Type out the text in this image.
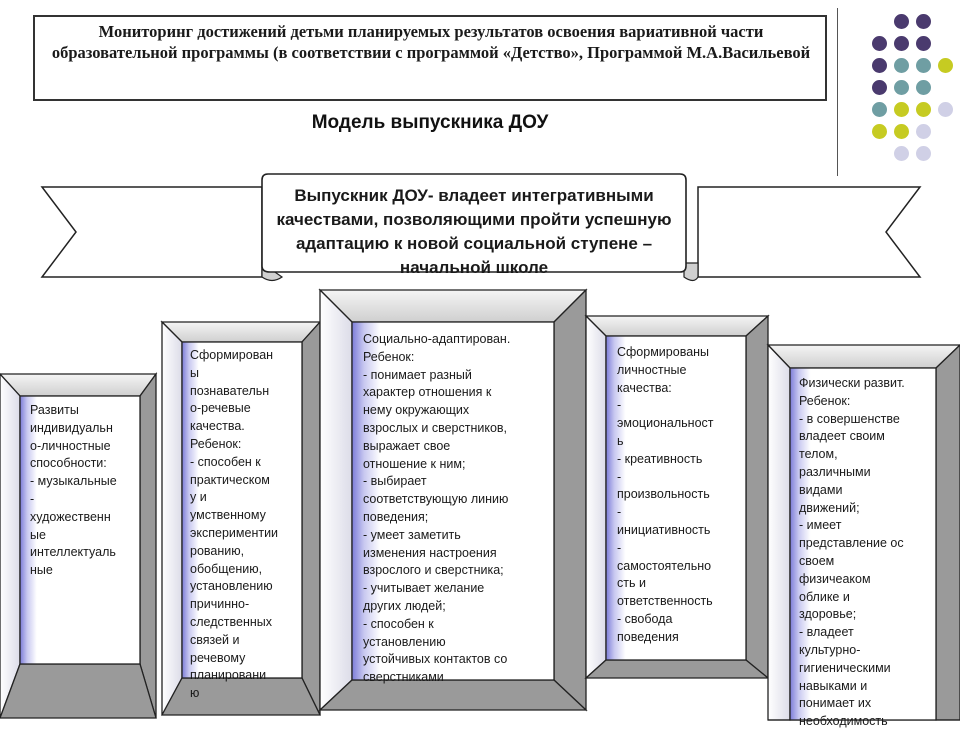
Мониторинг достижений детьми планируемых результатов освоения вариативной части образовательной программы (в соответствии с программой «Детство», Программой М.А.Васильевой
Модель выпускника ДОУ
Выпускник ДОУ- владеет интегративными качествами, позволяющими пройти успешную адаптацию к новой социальной ступене –начальной школе
Развиты
индивидуальн
о-личностные
способности:
- музыкальные
-
художественн
ые
интеллектуаль
ные
Сформирован
ы
познавательн
о-речевые
качества.
Ребенок:
- способен к
практическом
у и
умственному
экспериментии
рованию,
обобщению,
установлению
причинно-
следственных
связей и
речевому
планировани
ю
Социально-адаптирован.
Ребенок:
- понимает разный
характер отношения к
нему окружающих
взрослых и сверстников,
выражает свое
отношение к ним;
- выбирает
соответствующую линию
поведения;
- умеет заметить
изменения настроения
взрослого и сверстника;
- учитывает желание
других людей;
- способен к
установлению
устойчивых контактов со
сверстниками
Сформированы
личностные
качества:
-
эмоциональност
ь
- креативность
-
произвольность
-
инициативность
-
самостоятельно
сть и
ответственность
- свобода
поведения
Физически развит.
Ребенок:
- в совершенстве
владеет своим
телом,
различными
видами
движений;
- имеет
представление ос
своем
физичеаком
облике и
здоровье;
- владеет
культурно-
гигиеническими
навыками и
понимает их
необходимость
